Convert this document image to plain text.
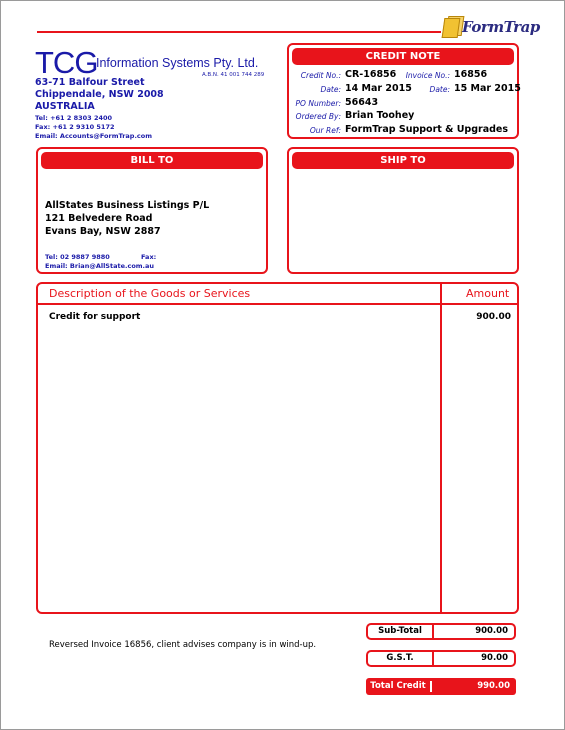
FormTrap
TCG
Information Systems Pty. Ltd.
A.B.N. 41 001 744 289
63-71 Balfour Street
Chippendale, NSW 2008
AUSTRALIA
Tel: +61 2 8303 2400
Fax: +61 2 9310 5172
Email: Accounts@FormTrap.com
CREDIT NOTE
Credit No.: CR-16856	Invoice No.: 16856
Date: 14 Mar 2015	Date: 15 Mar 2015
PO Number: 56643
Ordered By: Brian Toohey
Our Ref: FormTrap Support & Upgrades
BILL TO
AllStates Business Listings P/L
121 Belvedere Road
Evans Bay, NSW 2887
Tel: 02 9887 9880	Fax:
Email: Brian@AllState.com.au
SHIP TO
Description of the Goods or Services	Amount
Credit for support	900.00
Reversed Invoice 16856, client advises company is in wind-up.
Sub-Total	900.00
G.S.T.	90.00
Total Credit	990.00
